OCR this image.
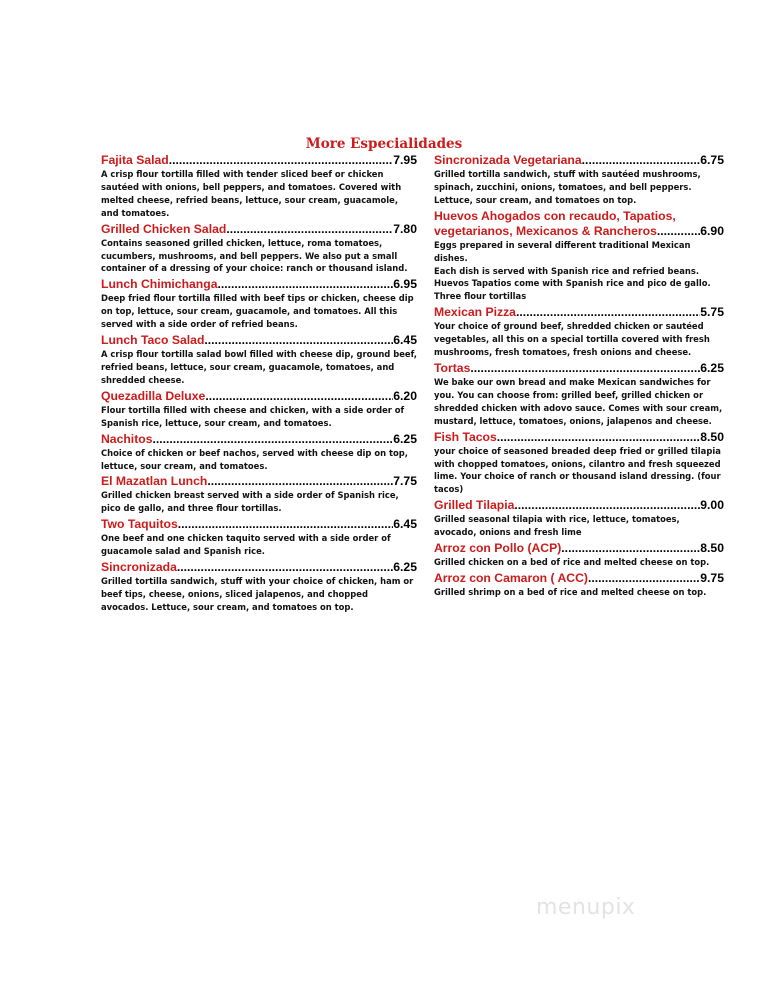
More Especialidades
Fajita Salad .....	7.95
A crisp flour tortilla filled with tender sliced beef or chicken sautéed with onions, bell peppers, and tomatoes. Covered with melted cheese, refried beans, lettuce, sour cream, guacamole, and tomatoes.
Grilled Chicken Salad .....	7.80
Contains seasoned grilled chicken, lettuce, roma tomatoes, cucumbers, mushrooms, and bell peppers. We also put a small container of a dressing of your choice: ranch or thousand island.
Lunch Chimichanga .....	6.95
Deep fried flour tortilla filled with beef tips or chicken, cheese dip on top, lettuce, sour cream, guacamole, and tomatoes. All this served with a side order of refried beans.
Lunch Taco Salad .....	6.45
A crisp flour tortilla salad bowl filled with cheese dip, ground beef, refried beans, lettuce, sour cream, guacamole, tomatoes, and shredded cheese.
Quezadilla Deluxe .....	6.20
Flour tortilla filled with cheese and chicken, with a side order of Spanish rice, lettuce, sour cream, and tomatoes.
Nachitos .....	6.25
Choice of chicken or beef nachos, served with cheese dip on top, lettuce, sour cream, and tomatoes.
El Mazatlan Lunch .....	7.75
Grilled chicken breast served with a side order of Spanish rice, pico de gallo, and three flour tortillas.
Two Taquitos .....	6.45
One beef and one chicken taquito served with a side order of guacamole salad and Spanish rice.
Sincronizada .....	6.25
Grilled tortilla sandwich, stuff with your choice of chicken, ham or beef tips, cheese, onions, sliced jalapenos, and chopped avocados. Lettuce, sour cream, and tomatoes on top.
Sincronizada Vegetariana .....	6.75
Grilled tortilla sandwich, stuff with sautéed mushrooms, spinach, zucchini, onions, tomatoes, and bell peppers. Lettuce, sour cream, and tomatoes on top.
Huevos Ahogados con recaudo, Tapatios,
vegetarianos, Mexicanos & Rancheros .....	6.90
Eggs prepared in several different traditional Mexican dishes.
Each dish is served with Spanish rice and refried beans.
Huevos Tapatios come with Spanish rice and pico de gallo. Three flour tortillas
Mexican Pizza .....	5.75
Your choice of ground beef, shredded chicken or sautéed vegetables, all this on a special tortilla covered with fresh mushrooms, fresh tomatoes, fresh onions and cheese.
Tortas .....	6.25
We bake our own bread and make Mexican sandwiches for you. You can choose from: grilled beef, grilled chicken or shredded chicken with adovo sauce. Comes with sour cream, mustard, lettuce, tomatoes, onions, jalapenos and cheese.
Fish Tacos .....	8.50
your choice of seasoned breaded deep fried or grilled tilapia with chopped tomatoes, onions, cilantro and fresh squeezed lime. Your choice of ranch or thousand island dressing. (four tacos)
Grilled Tilapia .....	9.00
Grilled seasonal tilapia with rice, lettuce, tomatoes, avocado, onions and fresh lime
Arroz con Pollo (ACP) .....	8.50
Grilled chicken on a bed of rice and melted cheese on top.
Arroz con Camaron ( ACC) .....	9.75
Grilled shrimp on a bed of rice and melted cheese on top.
menupix
